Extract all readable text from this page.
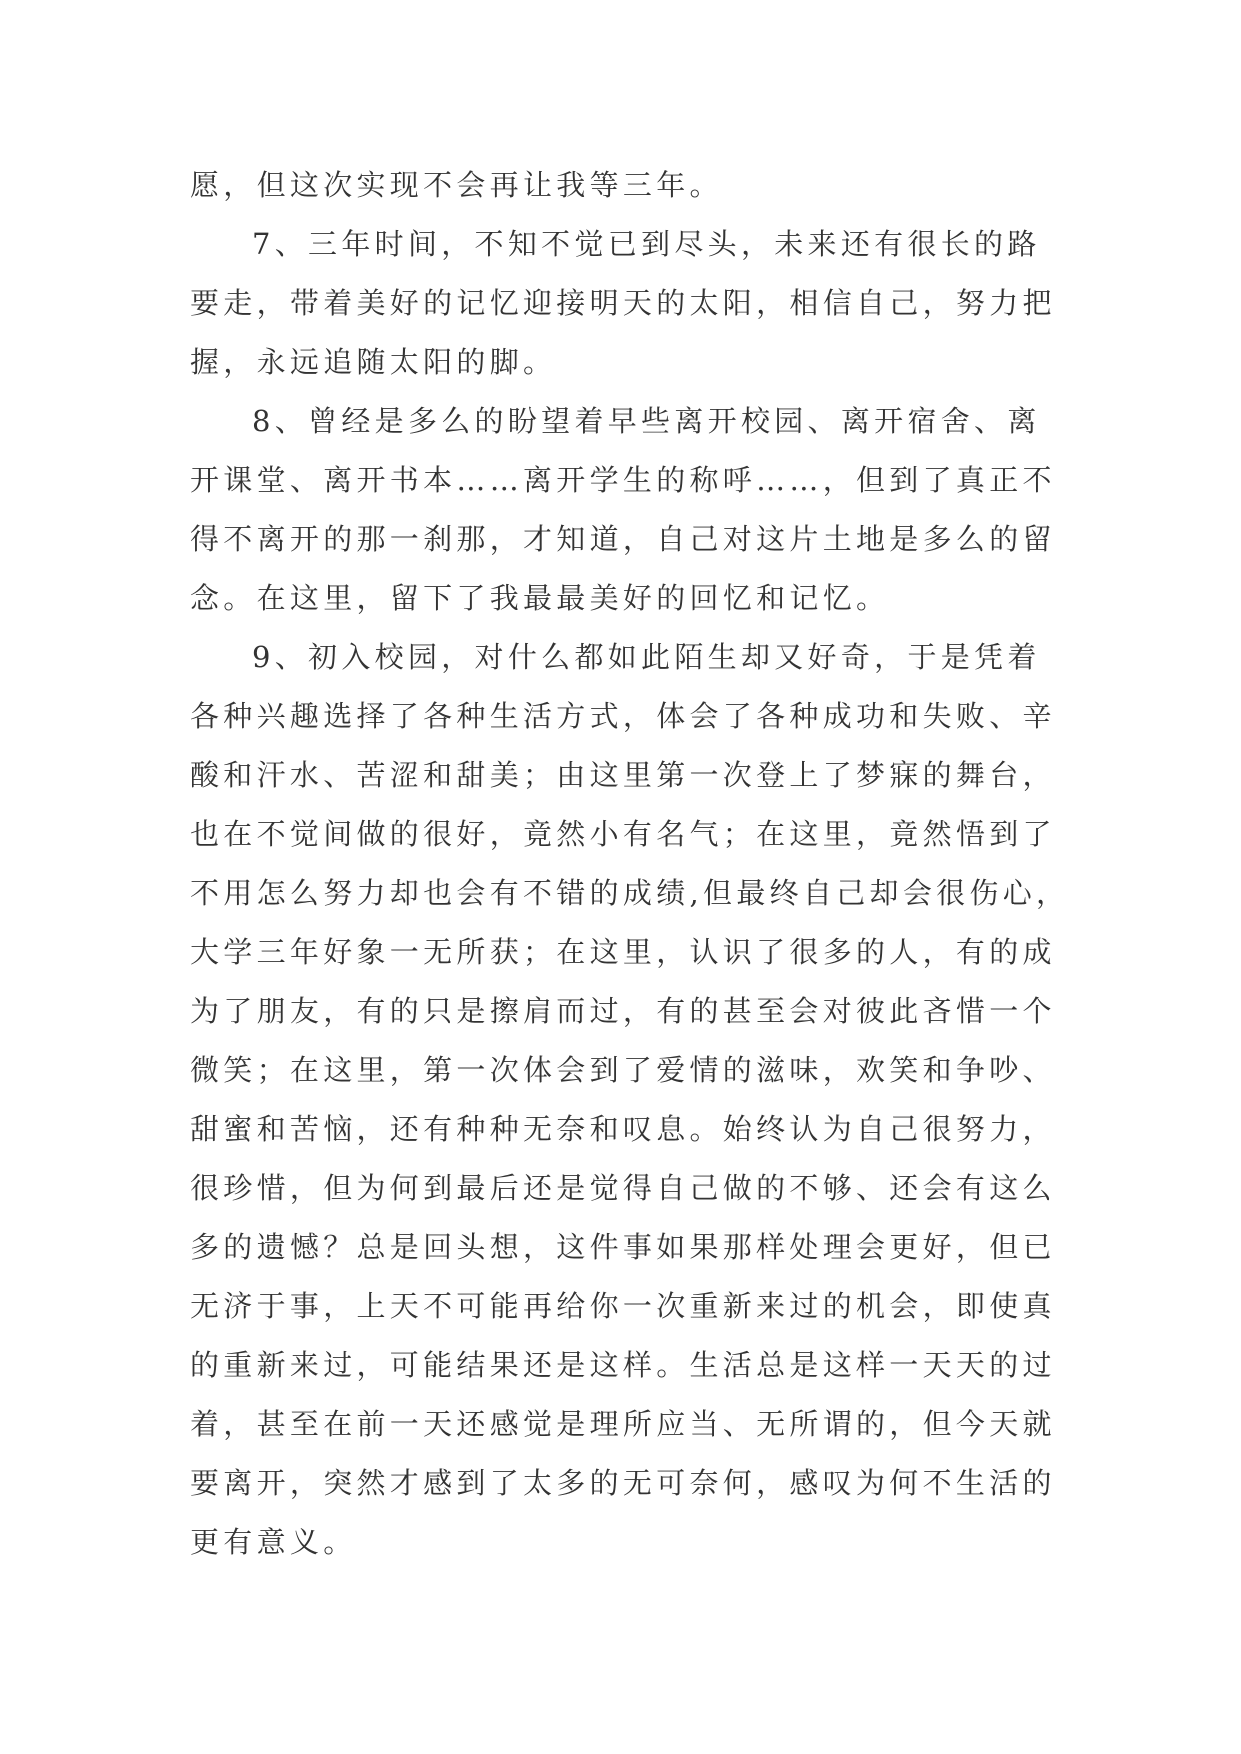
愿，但这次实现不会再让我等三年。
7、三年时间，不知不觉已到尽头，未来还有很长的路
要走，带着美好的记忆迎接明天的太阳，相信自己，努力把
握，永远追随太阳的脚。
8、曾经是多么的盼望着早些离开校园、离开宿舍、离
开课堂、离开书本……离开学生的称呼……，但到了真正不
得不离开的那一刹那，才知道，自己对这片土地是多么的留
念。在这里，留下了我最最美好的回忆和记忆。
9、初入校园，对什么都如此陌生却又好奇，于是凭着
各种兴趣选择了各种生活方式，体会了各种成功和失败、辛
酸和汗水、苦涩和甜美；由这里第一次登上了梦寐的舞台，
也在不觉间做的很好，竟然小有名气；在这里，竟然悟到了
不用怎么努力却也会有不错的成绩,但最终自己却会很伤心，
大学三年好象一无所获；在这里，认识了很多的人，有的成
为了朋友，有的只是擦肩而过，有的甚至会对彼此吝惜一个
微笑；在这里，第一次体会到了爱情的滋味，欢笑和争吵、
甜蜜和苦恼，还有种种无奈和叹息。始终认为自己很努力，
很珍惜，但为何到最后还是觉得自己做的不够、还会有这么
多的遗憾？总是回头想，这件事如果那样处理会更好，但已
无济于事，上天不可能再给你一次重新来过的机会，即使真
的重新来过，可能结果还是这样。生活总是这样一天天的过
着，甚至在前一天还感觉是理所应当、无所谓的，但今天就
要离开，突然才感到了太多的无可奈何，感叹为何不生活的
更有意义。
